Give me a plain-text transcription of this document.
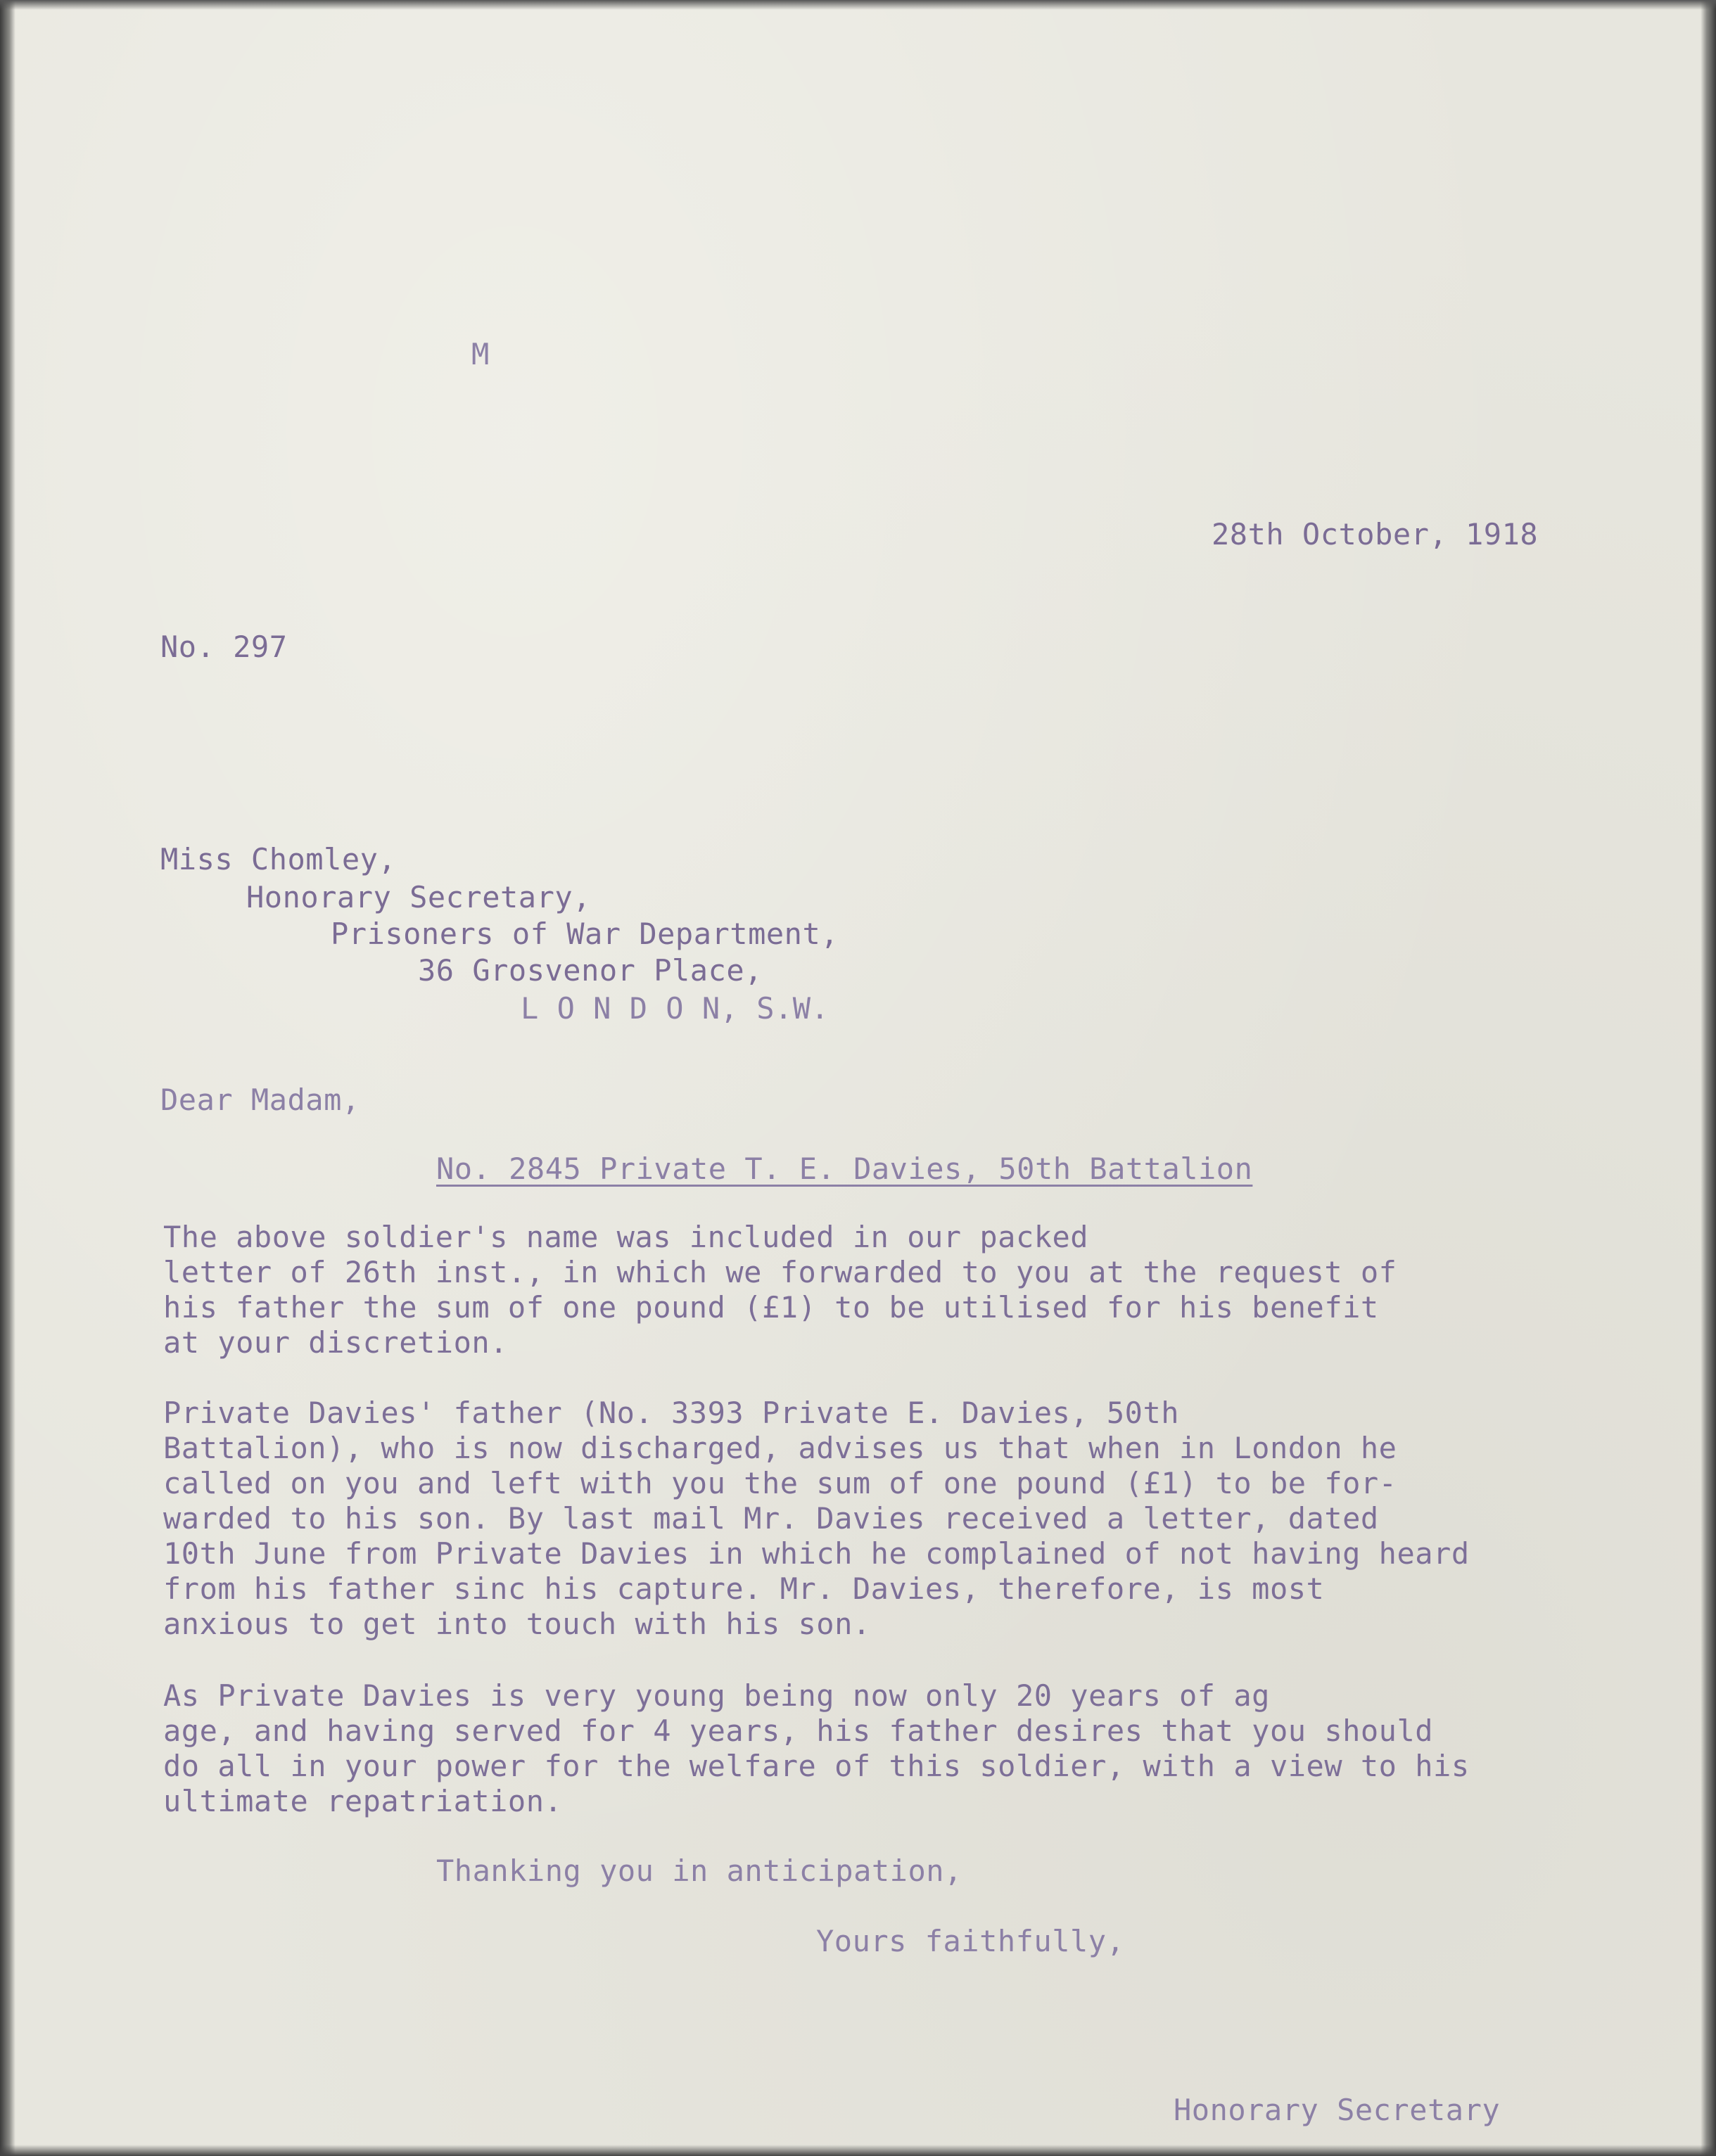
M

28th October, 1918

No. 297

Miss Chomley,

Honorary Secretary,

Prisoners of War Department,

36 Grosvenor Place,

L O N D O N, S.W.

Dear Madam,

No. 2845 Private T. E. Davies, 50th Battalion

The above soldier's name was included in our packed
letter of 26th inst., in which we forwarded to you at the request of
his father the sum of one pound (£1) to be utilised for his benefit
at your discretion.

Private Davies' father (No. 3393 Private E. Davies, 50th
Battalion), who is now discharged, advises us that when in London he
called on you and left with you the sum of one pound (£1) to be for-
warded to his son. By last mail Mr. Davies received a letter, dated
10th June from Private Davies in which he complained of not having heard
from his father sinc his capture. Mr. Davies, therefore, is most
anxious to get into touch with his son.

As Private Davies is very young being now only 20 years of ag
age, and having served for 4 years, his father desires that you should
do all in your power for the welfare of this soldier, with a view to his
ultimate repatriation.

Thanking you in anticipation,

Yours faithfully,

Honorary Secretary
